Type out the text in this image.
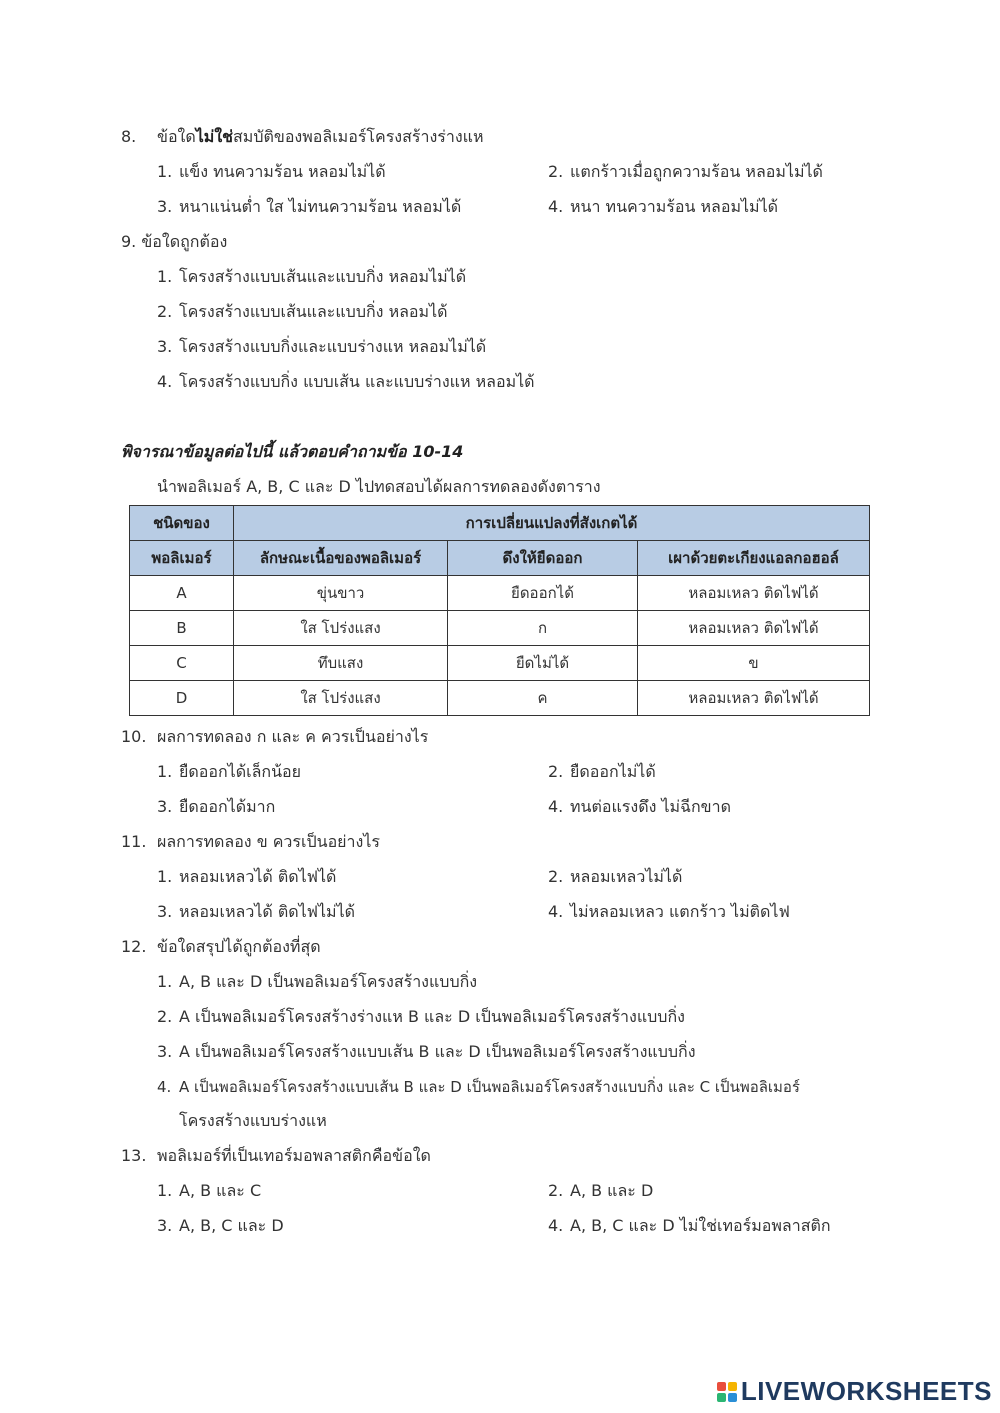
8. ข้อใดไม่ใช่สมบัติของพอลิเมอร์โครงสร้างร่างแห
1. แข็ง ทนความร้อน หลอมไม่ได้	2. แตกร้าวเมื่อถูกความร้อน หลอมไม่ได้
3. หนาแน่นต่ำ ใส ไม่ทนความร้อน หลอมได้	4. หนา ทนความร้อน หลอมไม่ได้
9. ข้อใดถูกต้อง
1. โครงสร้างแบบเส้นและแบบกิ่ง หลอมไม่ได้
2. โครงสร้างแบบเส้นและแบบกิ่ง หลอมได้
3. โครงสร้างแบบกิ่งและแบบร่างแห หลอมไม่ได้
4. โครงสร้างแบบกิ่ง แบบเส้น และแบบร่างแห หลอมได้
พิจารณาข้อมูลต่อไปนี้ แล้วตอบคำถามข้อ 10-14
นำพอลิเมอร์ A, B, C และ D ไปทดสอบได้ผลการทดลองดังตาราง
ชนิดของ	การเปลี่ยนแปลงที่สังเกตได้		
พอลิเมอร์	ลักษณะเนื้อของพอลิเมอร์	ดึงให้ยืดออก	เผาด้วยตะเกียงแอลกอฮอล์
A	ขุ่นขาว	ยืดออกได้	หลอมเหลว ติดไฟได้
B	ใส โปร่งแสง	ก	หลอมเหลว ติดไฟได้
C	ทึบแสง	ยืดไม่ได้	ข
D	ใส โปร่งแสง	ค	หลอมเหลว ติดไฟได้
10. ผลการทดลอง ก และ ค ควรเป็นอย่างไร
1. ยืดออกได้เล็กน้อย	2. ยืดออกไม่ได้
3. ยืดออกได้มาก	4. ทนต่อแรงดึง ไม่ฉีกขาด
11. ผลการทดลอง ข ควรเป็นอย่างไร
1. หลอมเหลวได้ ติดไฟได้	2. หลอมเหลวไม่ได้
3. หลอมเหลวได้ ติดไฟไม่ได้	4. ไม่หลอมเหลว แตกร้าว ไม่ติดไฟ
12. ข้อใดสรุปได้ถูกต้องที่สุด
1. A, B และ D เป็นพอลิเมอร์โครงสร้างแบบกิ่ง
2. A เป็นพอลิเมอร์โครงสร้างร่างแห B และ D เป็นพอลิเมอร์โครงสร้างแบบกิ่ง
3. A เป็นพอลิเมอร์โครงสร้างแบบเส้น B และ D เป็นพอลิเมอร์โครงสร้างแบบกิ่ง
4. A เป็นพอลิเมอร์โครงสร้างแบบเส้น B และ D เป็นพอลิเมอร์โครงสร้างแบบกิ่ง และ C เป็นพอลิเมอร์
โครงสร้างแบบร่างแห
13. พอลิเมอร์ที่เป็นเทอร์มอพลาสติกคือข้อใด
1. A, B และ C	2. A, B และ D
3. A, B, C และ D	4. A, B, C และ D ไม่ใช่เทอร์มอพลาสติก
LIVEWORKSHEETS
